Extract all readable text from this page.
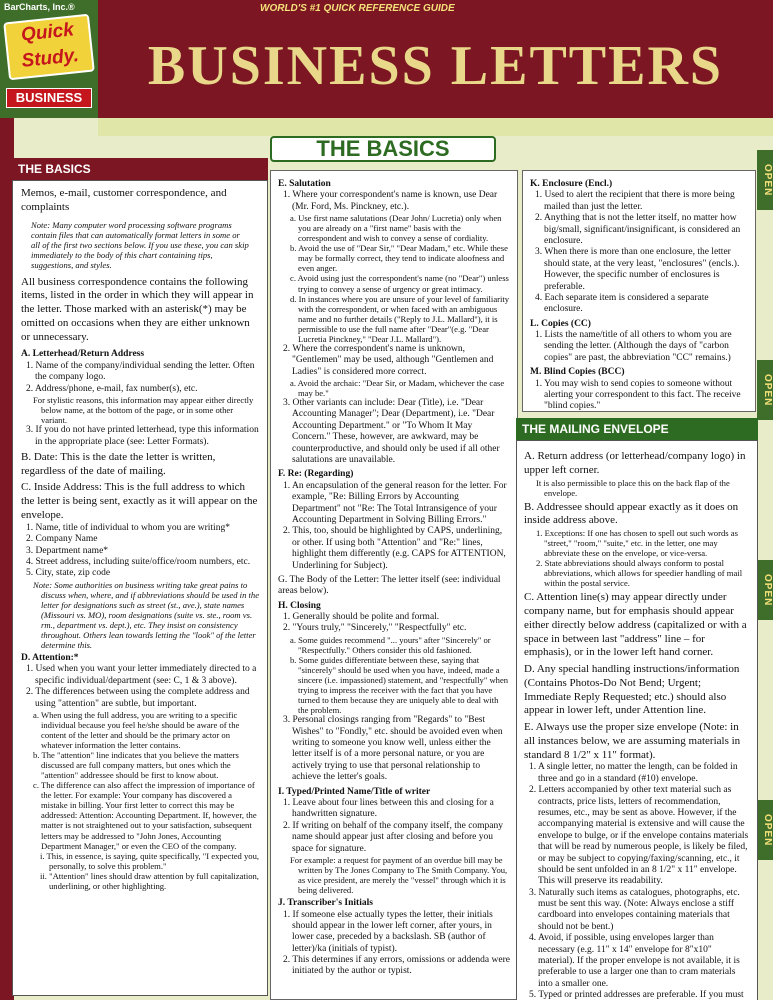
BarCharts, Inc.®
Quick
Study.
BUSINESS
WORLD'S #1 QUICK REFERENCE GUIDE
BUSINESS LETTERS
OPEN
OPEN
OPEN
OPEN
THE BASICS
THE BASICS

Memos, e-mail, customer correspondence, and complaints

Note: Many computer word processing software programs contain files that can automatically format letters in some or all of the first two sections below. If you use these, you can skip immediately to the body of this chart containing tips, suggestions, and styles.

All business correspondence contains the following items, listed in the order in which they will appear in the letter. Those marked with an asterisk(*) may be omitted on occasions when they are either unknown or unnecessary.

A. Letterhead/Return Address
1. Name of the company/individual sending the letter. Often the company logo.
2. Address/phone, e-mail, fax number(s), etc.
For stylistic reasons, this information may appear either directly below name, at the bottom of the page, or in some other variant.
3. If you do not have printed letterhead, type this information in the appropriate place (see: Letter Formats).
B. Date: This is the date the letter is written, regardless of the date of mailing.
C. Inside Address: This is the full address to which the letter is being sent, exactly as it will appear on the envelope.
1. Name, title of individual to whom you are writing*
2. Company Name
3. Department name*
4. Street address, including suite/office/room numbers, etc.
5. City, state, zip code
Note: Some authorities on business writing take great pains to discuss when, where, and if abbreviations should be used in the letter for designations such as street (st., ave.), state names (Missouri vs. MO), room designations (suite vs. ste., room vs. rm., department vs. dept.), etc. They insist on consistency throughout. Others lean towards letting the "look" of the letter determine this.
D. Attention:*
1. Used when you want your letter immediately directed to a specific individual/department (see: C, 1 & 3 above).
2. The differences between using the complete address and using "attention" are subtle, but important.
a. When using the full address, you are writing to a specific individual because you feel he/she should be aware of the content of the letter and should be the primary actor on whatever information the letter contains.
b. The "attention" line indicates that you believe the matters discussed are full company matters, but ones which the "attention" addressee should be first to know about.
c. The difference can also affect the impression of importance of the letter. For example: Your company has discovered a mistake in billing. Your first letter to correct this may be addressed: Attention: Accounting Department. If, however, the matter is not straightened out to your satisfaction, subsequent letters may be addressed to "John Jones, Accounting Department Manager," or even the CEO of the company.
i. This, in essence, is saying, quite specifically, "I expected you, personally, to solve this problem."
ii. "Attention" lines should draw attention by full capitalization, underlining, or other highlighting.
E. Salutation
1. Where your correspondent's name is known, use Dear (Mr. Ford, Ms. Pinckney, etc.).
a. Use first name salutations (Dear John/ Lucretia) only when you are already on a "first name" basis with the correspondent and wish to convey a sense of cordiality.
b. Avoid the use of "Dear Sir," "Dear Madam," etc. While these may be formally correct, they tend to indicate aloofness and even anger.
c. Avoid using just the correspondent's name (no "Dear") unless trying to convey a sense of urgency or great intimacy.
d. In instances where you are unsure of your level of familiarity with the correspondent, or when faced with an ambiguous name and no further details ("Reply to J.L. Mallard"), it is permissible to use the full name after "Dear"(e.g. "Dear Lucretia Pinckney," "Dear J.L. Mallard").
2. Where the correspondent's name is unknown, "Gentlemen" may be used, although "Gentlemen and Ladies" is considered more correct.
a. Avoid the archaic: "Dear Sir, or Madam, whichever the case may be."
3. Other variants can include: Dear (Title), i.e. "Dear Accounting Manager"; Dear (Department), i.e. "Dear Accounting Department." or "To Whom It May Concern." These, however, are awkward, may be counterproductive, and should only be used if all other salutations are unavailable.
F. Re: (Regarding)
1. An encapsulation of the general reason for the letter. For example, "Re: Billing Errors by Accounting Department" not "Re: The Total Intransigence of your Accounting Department in Solving Billing Errors."
2. This, too, should be highlighted by CAPS, underlining, or other. If using both "Attention" and "Re:" lines, highlight them differently (e.g. CAPS for ATTENTION, Underlining for Subject).
G. The Body of the Letter: The letter itself (see: individual areas below).
H. Closing
1. Generally should be polite and formal.
2. "Yours truly," "Sincerely," "Respectfully" etc.
a. Some guides recommend "... yours" after "Sincerely" or "Respectfully." Others consider this old fashioned.
b. Some guides differentiate between these, saying that "sincerely" should be used when you have, indeed, made a sincere (i.e. impassioned) statement, and "respectfully" when trying to impress the receiver with the fact that you have turned to them because they are uniquely able to deal with the problem.
3. Personal closings ranging from "Regards" to "Best Wishes" to "Fondly," etc. should be avoided even when writing to someone you know well, unless either the letter itself is of a more personal nature, or you are actively trying to use that personal relationship to achieve the letter's goals.
I. Typed/Printed Name/Title of writer
1. Leave about four lines between this and closing for a handwritten signature.
2. If writing on behalf of the company itself, the company name should appear just after closing and before you space for signature.
For example: a request for payment of an overdue bill may be written by The Jones Company to The Smith Company. You, as vice president, are merely the "vessel" through which it is being delivered.
J. Transcriber's Initials
1. If someone else actually types the letter, their initials should appear in the lower left corner, after yours, in lower case, preceded by a backslash. SB (author of letter)/ka (initials of typist).
2. This determines if any errors, omissions or addenda were initiated by the author or typist.
K. Enclosure (Encl.)
1. Used to alert the recipient that there is more being mailed than just the letter.
2. Anything that is not the letter itself, no matter how big/small, significant/insignificant, is considered an enclosure.
3. When there is more than one enclosure, the letter should state, at the very least, "enclosures" (encls.). However, the specific number of enclosures is preferable.
4. Each separate item is considered a separate enclosure.
L. Copies (CC)
1. Lists the name/title of all others to whom you are sending the letter. (Although the days of "carbon copies" are past, the abbreviation "CC" remains.)
M. Blind Copies (BCC)
1. You may wish to send copies to someone without alerting your correspondent to this fact. The receive "blind copies."
THE MAILING ENVELOPE
A. Return address (or letterhead/company logo) in upper left corner.
It is also permissible to place this on the back flap of the envelope.
B. Addressee should appear exactly as it does on inside address above.
1. Exceptions: If one has chosen to spell out such words as "street," "room," "suite," etc. in the letter, one may abbreviate these on the envelope, or vice-versa.
2. State abbreviations should always conform to postal abbreviations, which allows for speedier handling of mail within the postal service.
C. Attention line(s) may appear directly under company name, but for emphasis should appear either directly below address (capitalized or with a space in between last "address" line – for emphasis), or in the lower left hand corner.
D. Any special handling instructions/information (Contains Photos-Do Not Bend; Urgent; Immediate Reply Requested; etc.) should also appear in lower left, under Attention line.
E. Always use the proper size envelope (Note: in all instances below, we are assuming materials in standard 8 1/2" x 11" format).
1. A single letter, no matter the length, can be folded in three and go in a standard (#10) envelope.
2. Letters accompanied by other text material such as contracts, price lists, letters of recommendation, resumes, etc., may be sent as above. However, if the accompanying material is extensive and will cause the envelope to bulge, or if the envelope contains materials that will be read by numerous people, is likely be filed, or may be subject to copying/faxing/scanning, etc., it should be sent unfolded in an 8 1/2" x 11" envelope. This will preserve its readability.
3. Naturally such items as catalogues, photographs, etc. must be sent this way. (Note: Always enclose a stiff cardboard into envelopes containing materials that should not be bent.)
4. Avoid, if possible, using envelopes larger than necessary (e.g. 11" x 14" envelope for 8"x10" material). If the proper envelope is not available, it is preferable to use a larger one than to cram materials into a smaller one.
5. Typed or printed addresses are preferable. If you must
